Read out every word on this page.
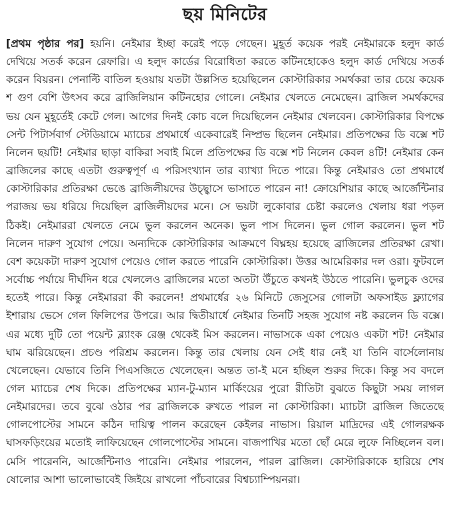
ছয় মিনিটের

[প্রথম পৃষ্ঠার পর] হয়নি। নেইমার ইচ্ছা করেই পড়ে গেছেন। মুহূর্ত কয়েক পরই নেইমারকে হলুদ কার্ড দেখিয়ে সতর্ক করেন রেফারি। এ হলুদ কার্ডের বিরোধিতা করতে কটিনহোকেও হলুদ কার্ড দেখিয়ে সতর্ক করেন বিয়রন। পেনাল্টি বাতিল হওয়ায় যতটা উল্লসিত হয়েছিলেন কোস্টারিকার সমর্থকরা তার চেয়ে কয়েক শ গুণ বেশি উৎসব করে ব্রাজিলিয়ান কটিনহোর গোলে। নেইমার খেলতে নেমেছেন। ব্রাজিল সমর্থকদের ভয় যেন মুহূর্তেই কেটে গেল। আগের দিনই কোচ বলে দিয়েছিলেন নেইমার খেলবেন। কোস্টারিকার বিপক্ষে সেন্ট পিটার্সবার্গ স্টেডিয়ামে ম্যাচের প্রথমার্ধে একেবারেই নিষ্প্রভ ছিলেন নেইমার। প্রতিপক্ষের ডি বক্সে শট নিলেন ছয়টি! নেইমার ছাড়া বাকিরা সবাই মিলে প্রতিপক্ষের ডি বক্সে শট নিলেন কেবল ৪টি! নেইমার কেন ব্রাজিলের কাছে এতটা গুরুত্বপূর্ণ এ পরিসংখ্যান তার ব্যাখ্যা দিতে পারে। কিন্তু নেইমারও তো প্রথমার্ধে কোস্টারিকার প্রতিরক্ষা ভেঙে ব্রাজিলীয়দের উচ্ছ্বাসে ভাসাতে পারেন না! ক্রোয়েশিয়ার কাছে আর্জেন্টিনার পরাজয় ভয় ধরিয়ে দিয়েছিল ব্রাজিলীয়দের মনে। সে ভয়টা লুকোবার চেষ্টা করলেও খেলায় ধরা পড়ল ঠিকই। নেইমাররা খেলতে নেমে ভুল করলেন অনেক। ভুল পাস দিলেন। ভুল গোল করলেন। ভুল শট নিলেন দারুণ সুযোগ পেয়ে। অন্যদিকে কোস্টারিকার আক্রমণে বিঘ্নহয় হয়েছে ব্রাজিলের প্রতিরক্ষা রেখা। বেশ কয়েকটা দারুণ সুযোগ পেয়েও গোল করতে পারেনি কোস্টারিকা। উত্তর আমেরিকার দল ওরা। ফুটবলে সর্বোচ্চ পর্যায়ে দীর্ঘদিন ধরে খেললেও ব্রাজিলের মতো অতটা উঁচুতে কখনই উঠতে পারেনি। ভুলচুক ওদের হতেই পারে। কিন্তু নেইমাররা কী করলেন! প্রথমার্ধের ২৬ মিনিটে জেসুসের গোলটা অফসাইড ফ্ল্যাগের ইশারায় ভেসে গেল ফিলিপের উপরে। আর দ্বিতীয়ার্ধে নেইমার তিনটি সহজ সুযোগ নষ্ট করলেন ডি বক্সে। এর মধ্যে দুটি তো পয়েন্ট ব্ল্যাংক রেঞ্জ থেকেই মিস করলেন। নাভাসকে একা পেয়েও একটা শট! নেইমার ঘাম ঝরিয়েছেন। প্রচণ্ড পরিশ্রম করলেন। কিন্তু তার খেলায় যেন সেই ধার নেই যা তিনি বার্সেলোনায় খেলেছেন। যেভাবে তিনি পিএসজিতে খেলেছেন। অন্তত তা-ই মনে হচ্ছিল শুরুর দিকে। কিন্তু সব বদলে গেল ম্যাচের শেষ দিকে। প্রতিপক্ষের ম্যান-টু-ম্যান মার্কিংয়ের পুরো রীতিটা বুঝতে কিছুটা সময় লাগল নেইমারদের। তবে বুঝে ওঠার পর ব্রাজিলকে রুখতে পারল না কোস্টারিকা। ম্যাচটা ব্রাজিল জিতেছে গোলপোস্টের সামনে কঠিন দায়িত্ব পালন করেছেন কেইলর নাভাস। রিয়াল মাদ্রিদের এই গোলরক্ষক ঘাসফড়িংয়ের মতোই লাফিয়েছেন গোলপোস্টের সামনে। বাজপাখির মতো ছোঁ মেরে লুফে নিচ্ছিলেন বল। মেসি পারেননি, আর্জেন্টিনাও পারেনি। নেইমার পারলেন, পারল ব্রাজিল। কোস্টারিকাকে হারিয়ে শেষ ষোলোর আশা ভালোভাবেই জিইয়ে রাখলো পাঁচবারের বিশ্বচ্যাম্পিয়নরা।
